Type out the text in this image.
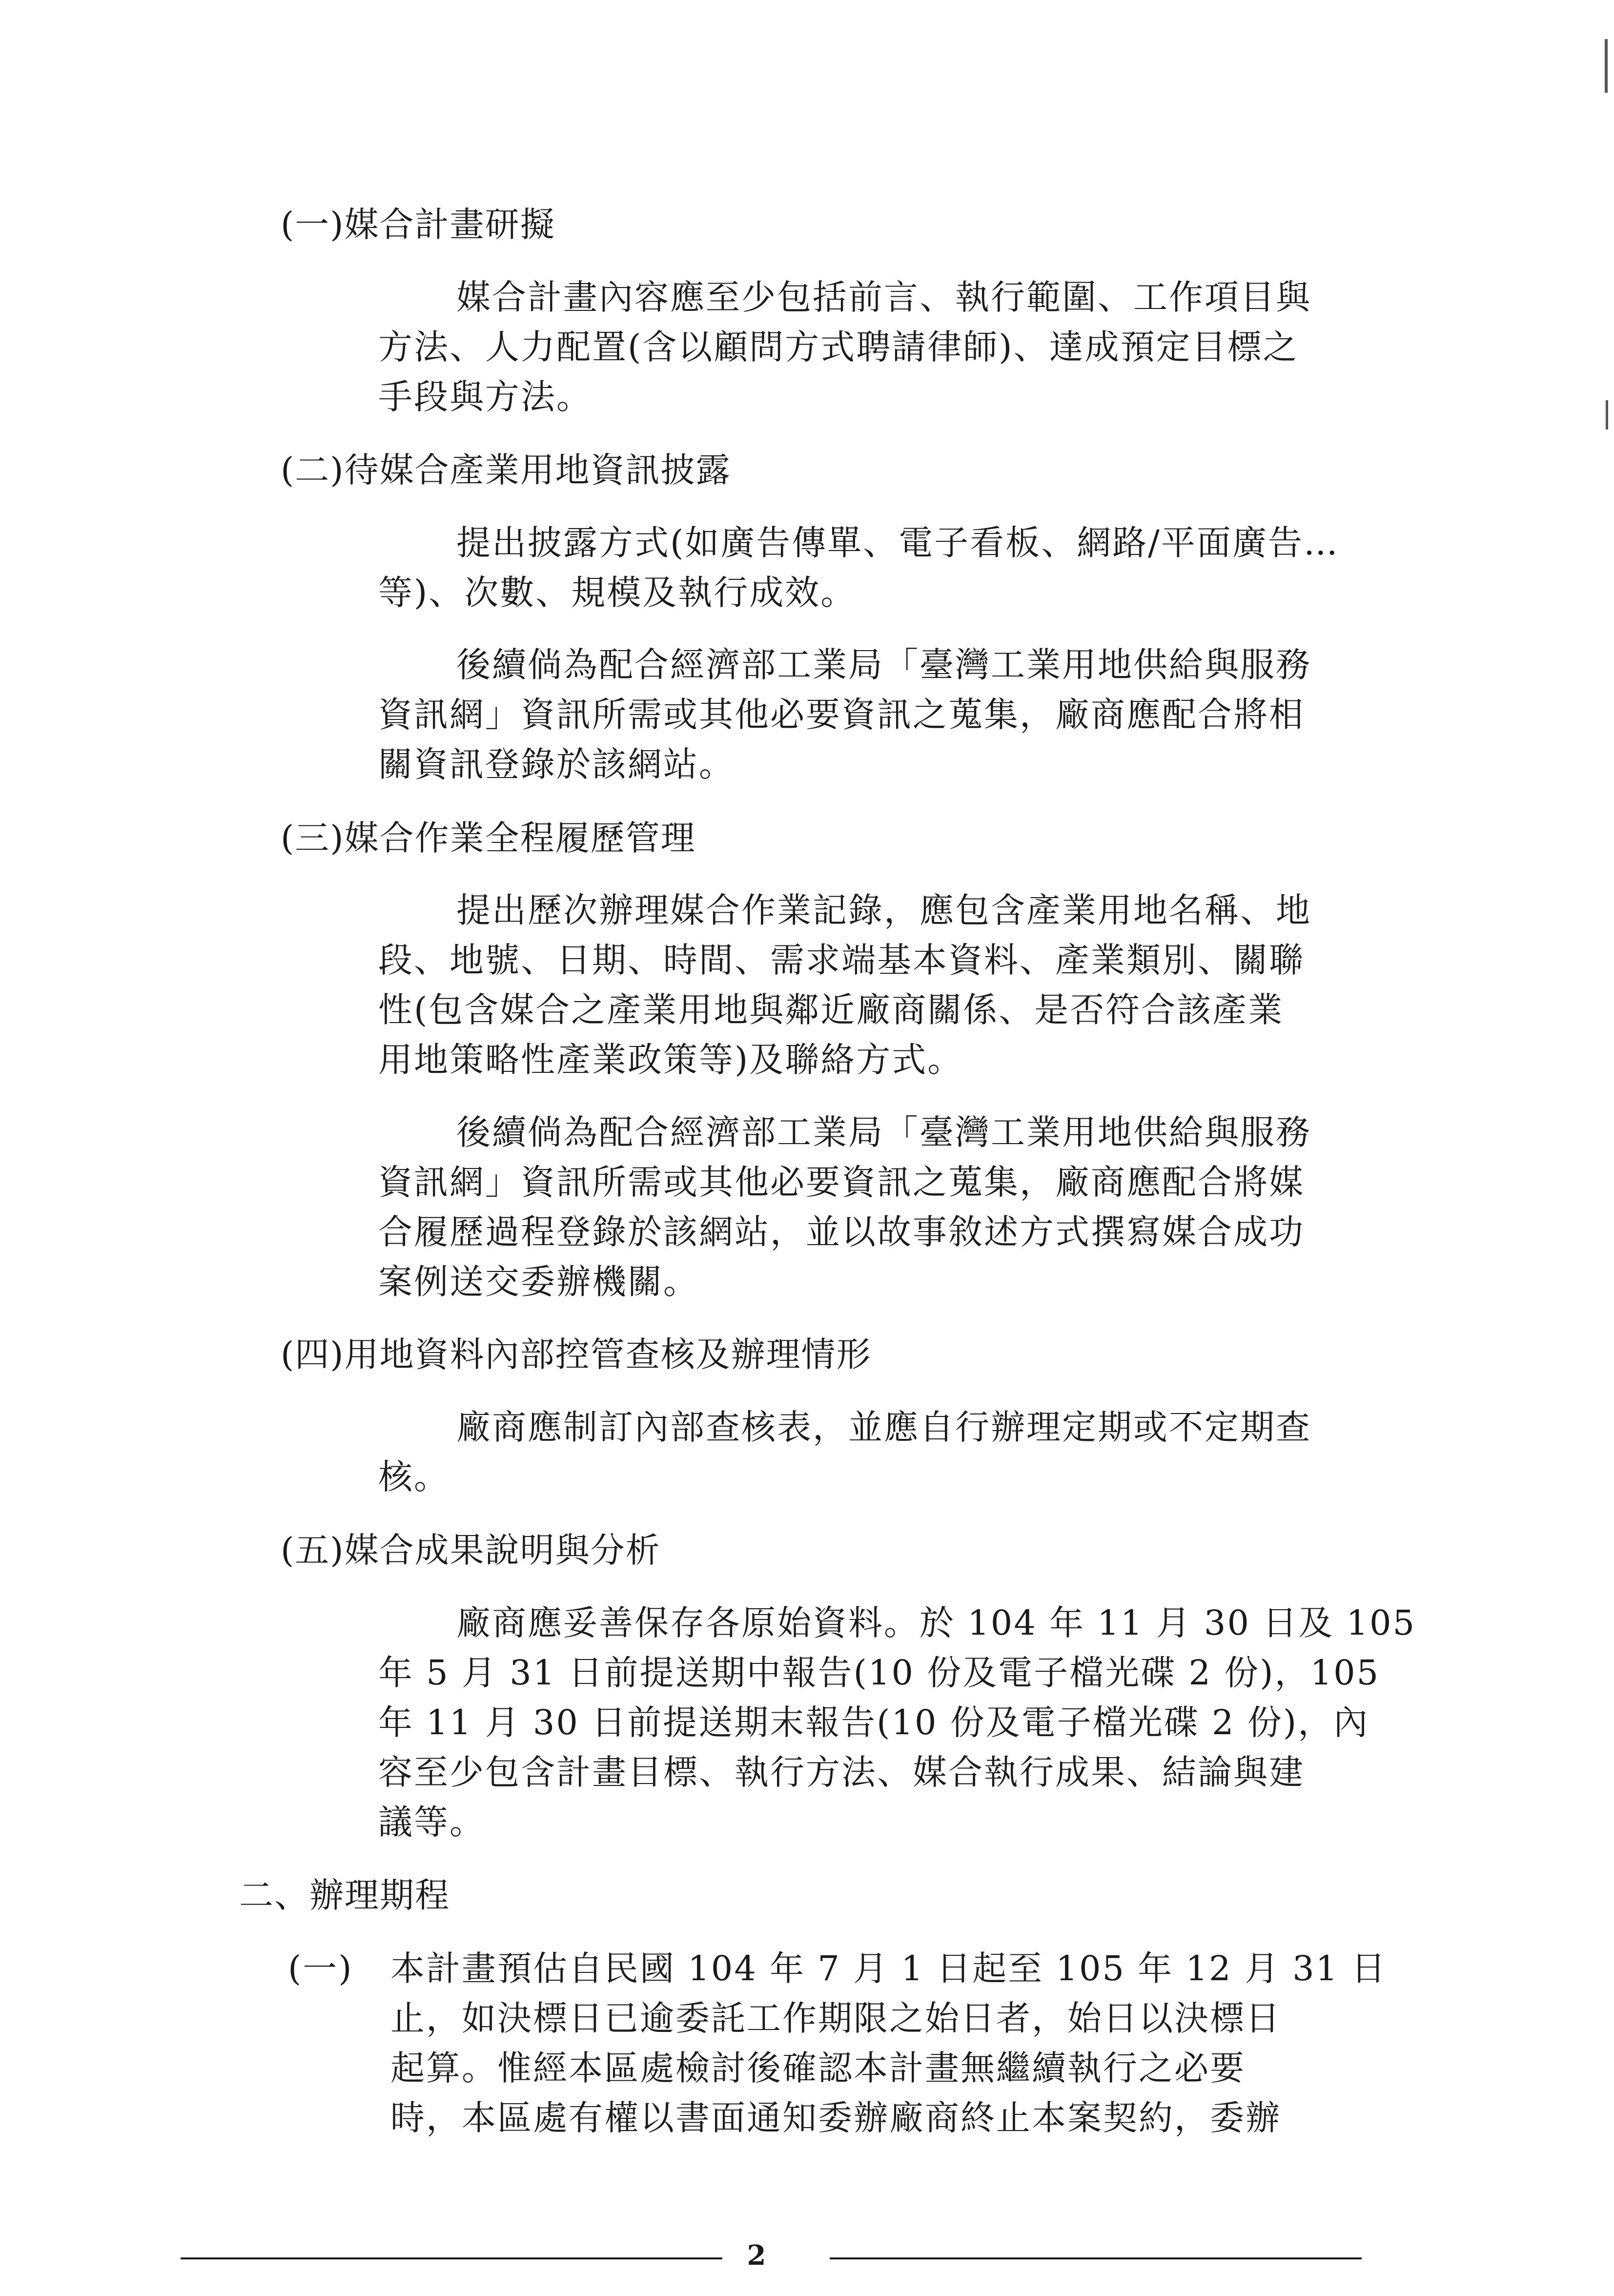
(一)媒合計畫研擬
媒合計畫內容應至少包括前言、執行範圍、工作項目與
方法、人力配置(含以顧問方式聘請律師)、達成預定目標之
手段與方法。
(二)待媒合產業用地資訊披露
提出披露方式(如廣告傳單、電子看板、網路/平面廣告…
等)、次數、規模及執行成效。
後續倘為配合經濟部工業局「臺灣工業用地供給與服務
資訊網」資訊所需或其他必要資訊之蒐集，廠商應配合將相
關資訊登錄於該網站。
(三)媒合作業全程履歷管理
提出歷次辦理媒合作業記錄，應包含產業用地名稱、地
段、地號、日期、時間、需求端基本資料、產業類別、關聯
性(包含媒合之產業用地與鄰近廠商關係、是否符合該產業
用地策略性產業政策等)及聯絡方式。
後續倘為配合經濟部工業局「臺灣工業用地供給與服務
資訊網」資訊所需或其他必要資訊之蒐集，廠商應配合將媒
合履歷過程登錄於該網站，並以故事敘述方式撰寫媒合成功
案例送交委辦機關。
(四)用地資料內部控管查核及辦理情形
廠商應制訂內部查核表，並應自行辦理定期或不定期查
核。
(五)媒合成果說明與分析
廠商應妥善保存各原始資料。於 104 年 11 月 30 日及 105
年 5 月 31 日前提送期中報告(10 份及電子檔光碟 2 份)，105
年 11 月 30 日前提送期末報告(10 份及電子檔光碟 2 份)，內
容至少包含計畫目標、執行方法、媒合執行成果、結論與建
議等。
二、辦理期程
(一) 本計畫預估自民國 104 年 7 月 1 日起至 105 年 12 月 31 日
止，如決標日已逾委託工作期限之始日者，始日以決標日
起算。惟經本區處檢討後確認本計畫無繼續執行之必要
時，本區處有權以書面通知委辦廠商終止本案契約，委辦
2
